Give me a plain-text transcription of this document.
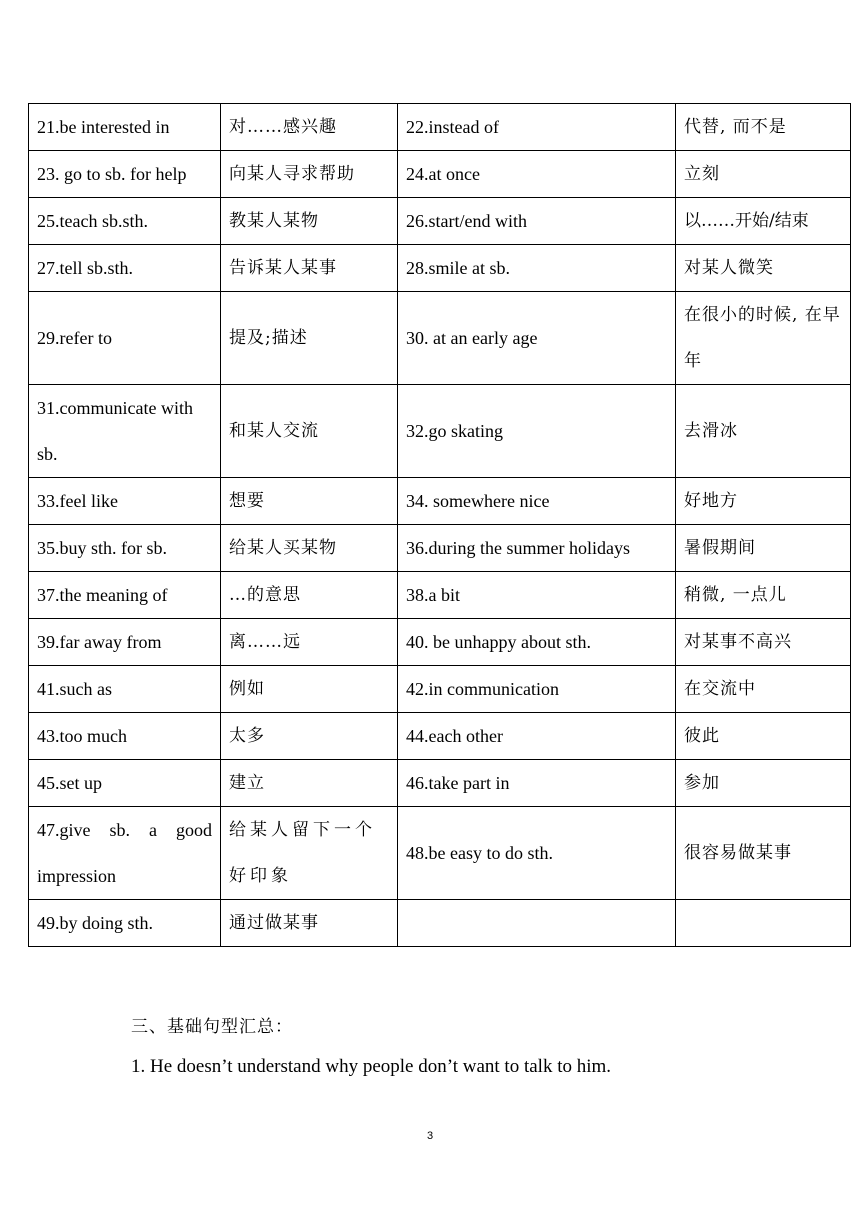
21.be interested in	对……感兴趣	22.instead of	代替, 而不是
23. go to sb. for help	向某人寻求帮助	24.at once	立刻
25.teach sb.sth.	教某人某物	26.start/end with	以……开始/结束
27.tell sb.sth.	告诉某人某事	28.smile at sb.	对某人微笑
29.refer to	提及;描述	30. at an early age	在很小的时候, 在早年
31.communicate with sb.	和某人交流	32.go skating	去滑冰
33.feel like	想要	34. somewhere nice	好地方
35.buy sth. for sb.	给某人买某物	36.during the summer holidays	暑假期间
37.the meaning of	…的意思	38.a bit	稍微, 一点儿
39.far away from	离……远	40. be unhappy about sth.	对某事不高兴
41.such as	例如	42.in communication	在交流中
43.too much	太多	44.each other	彼此
45.set up	建立	46.take part in	参加
47.give sb. a good impression	给某人留下一个好印象	48.be easy to do sth.	很容易做某事
49.by doing sth.	通过做某事		
三、基础句型汇总：
1. He doesn’t understand why people don’t want to talk to him.
3
